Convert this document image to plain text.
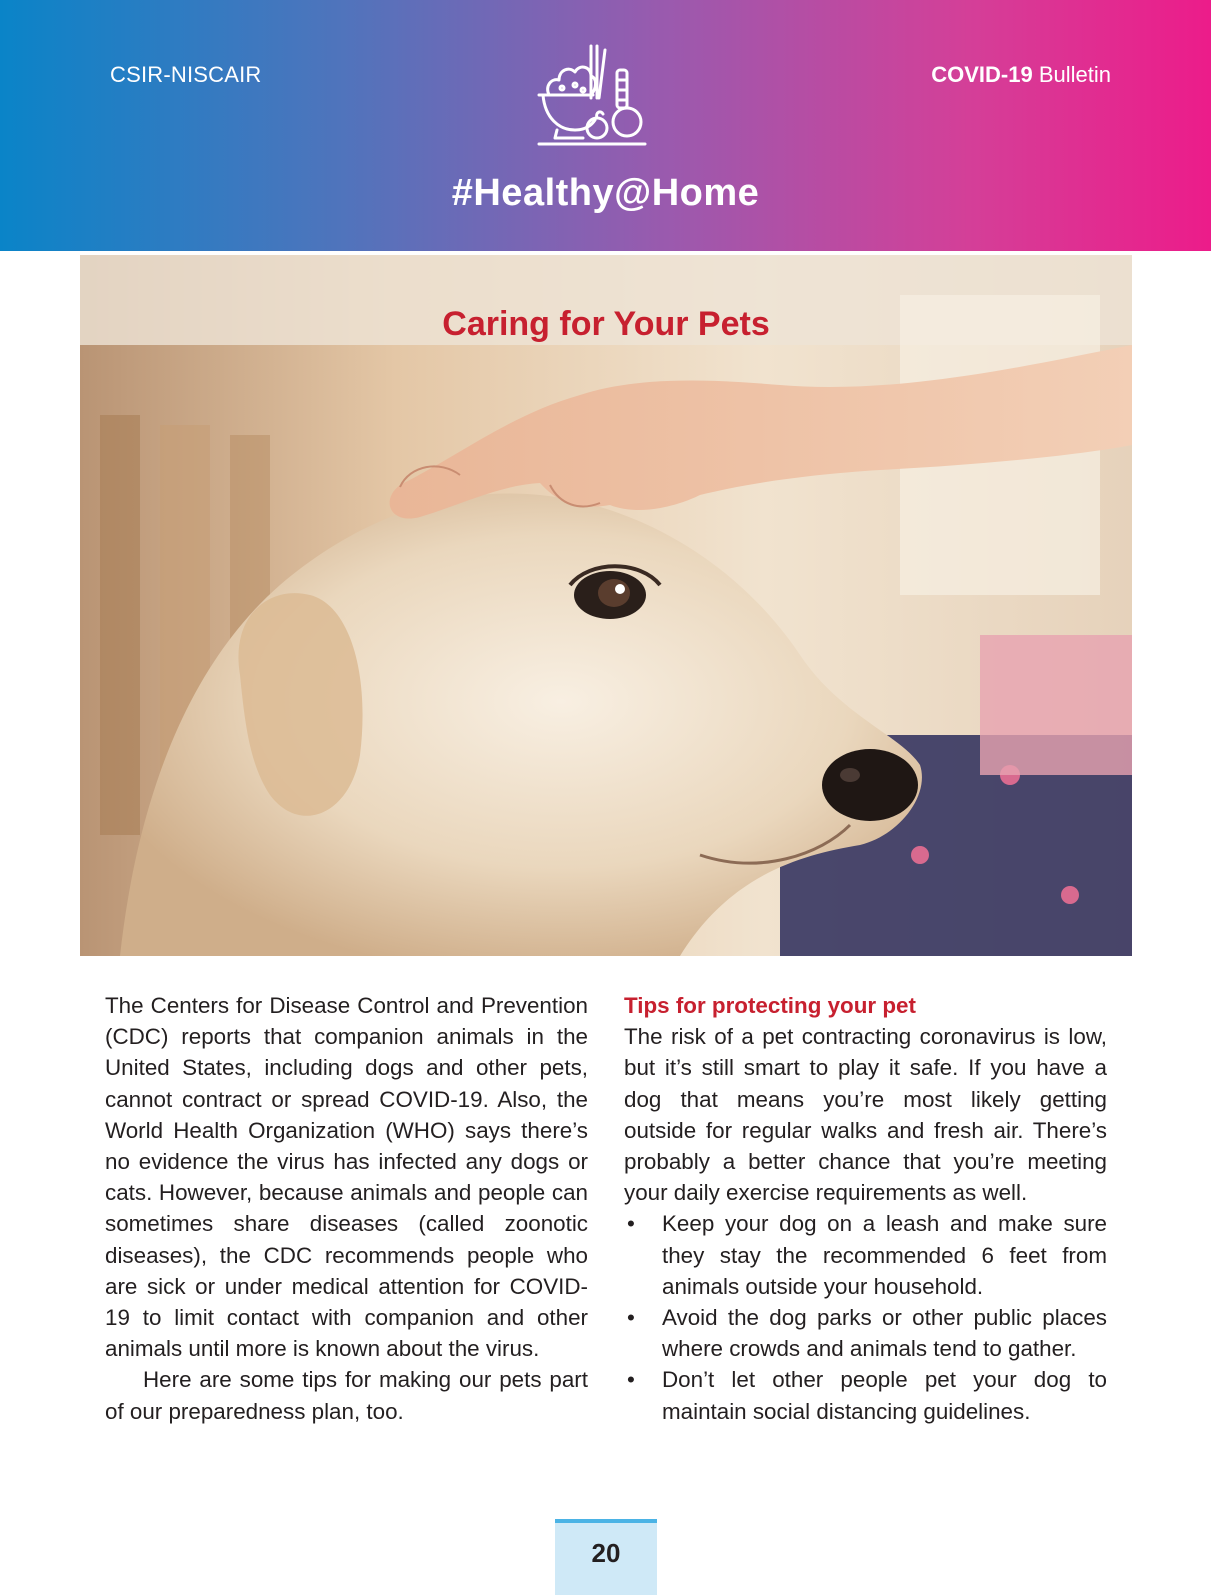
CSIR-NISCAIR	COVID-19 Bulletin
#Healthy@Home
Caring for Your Pets

The Centers for Disease Control and Prevention (CDC) reports that companion animals in the United States, including dogs and other pets, cannot contract or spread COVID-19. Also, the World Health Organization (WHO) says there’s no evidence the virus has infected any dogs or cats. However, because animals and people can sometimes share diseases (called zoonotic diseases), the CDC recommends people who are sick or under medical attention for COVID-19 to limit contact with companion and other animals until more is known about the virus.

Here are some tips for making our pets part of our preparedness plan, too.

Tips for protecting your pet

The risk of a pet contracting coronavirus is low, but it’s still smart to play it safe. If you have a dog that means you’re most likely getting outside for regular walks and fresh air. There’s probably a better chance that you’re meeting your daily exercise requirements as well.

•	Keep your dog on a leash and make sure they stay the recommended 6 feet from animals outside your household.
•	Avoid the dog parks or other public places where crowds and animals tend to gather.
•	Don’t let other people pet your dog to maintain social distancing guidelines.
20
